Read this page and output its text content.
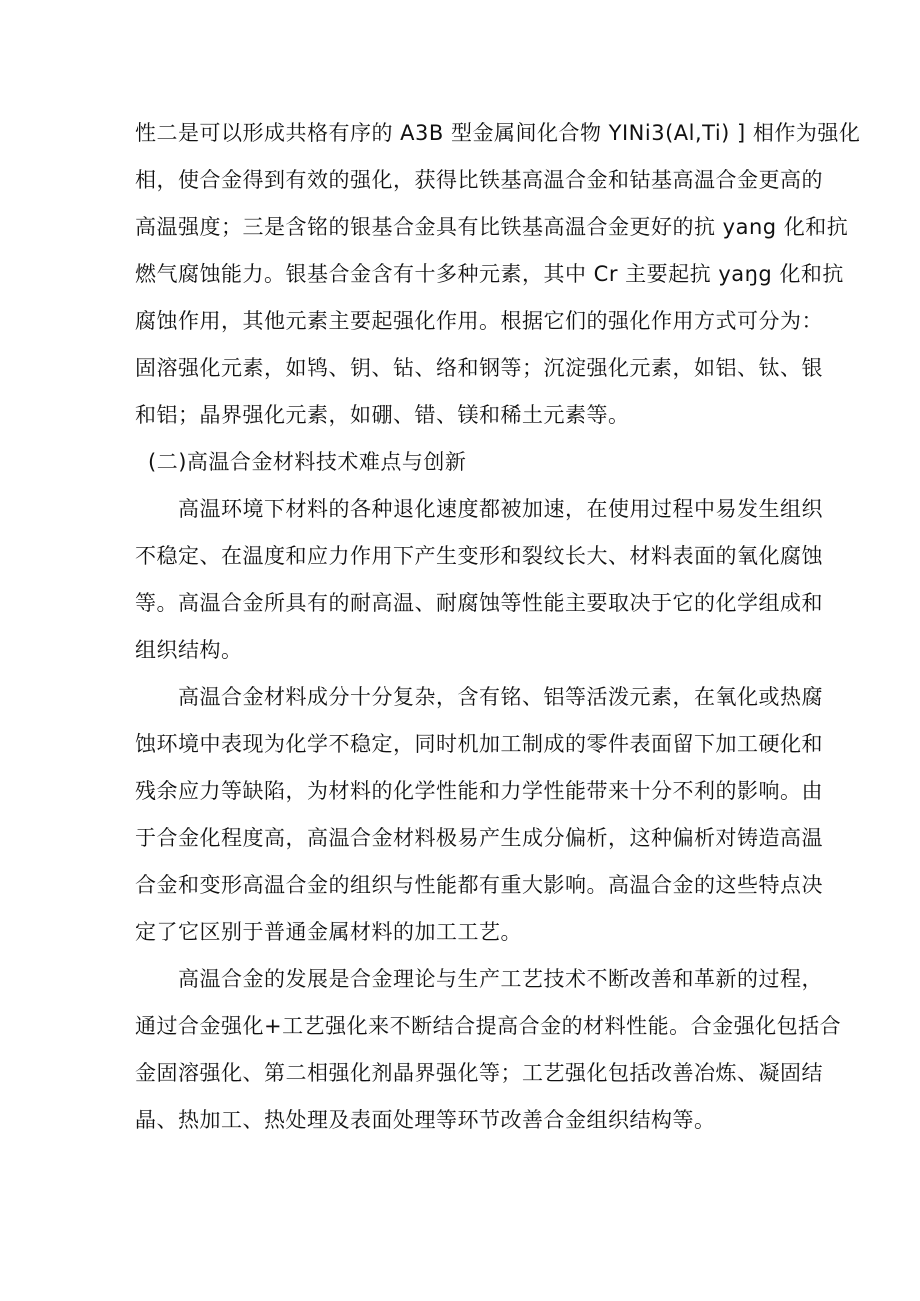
性二是可以形成共格有序的 A3B 型金属间化合物 YINi3(Al,Ti) ] 相作为强化
相，使合金得到有效的强化，获得比铁基高温合金和钴基高温合金更高的
高温强度；三是含铭的银基合金具有比铁基高温合金更好的抗 yang 化和抗
燃气腐蚀能力。银基合金含有十多种元素，其中 Cr 主要起抗 yaŋg 化和抗
腐蚀作用，其他元素主要起强化作用。根据它们的强化作用方式可分为：
固溶强化元素，如鸨、钥、钻、络和钢等；沉淀强化元素，如铝、钛、银
和铝；晶界强化元素，如硼、错、镁和稀土元素等。
(二)高温合金材料技术难点与创新
　　高温环境下材料的各种退化速度都被加速，在使用过程中易发生组织
不稳定、在温度和应力作用下产生变形和裂纹长大、材料表面的氧化腐蚀
等。高温合金所具有的耐高温、耐腐蚀等性能主要取决于它的化学组成和
组织结构。
　　高温合金材料成分十分复杂，含有铭、铝等活泼元素，在氧化或热腐
蚀环境中表现为化学不稳定，同时机加工制成的零件表面留下加工硬化和
残余应力等缺陷，为材料的化学性能和力学性能带来十分不利的影响。由
于合金化程度高，高温合金材料极易产生成分偏析，这种偏析对铸造高温
合金和变形高温合金的组织与性能都有重大影响。高温合金的这些特点决
定了它区别于普通金属材料的加工工艺。
　　高温合金的发展是合金理论与生产工艺技术不断改善和革新的过程，
通过合金强化+工艺强化来不断结合提高合金的材料性能。合金强化包括合
金固溶强化、第二相强化剂晶界强化等；工艺强化包括改善冶炼、凝固结
晶、热加工、热处理及表面处理等环节改善合金组织结构等。
